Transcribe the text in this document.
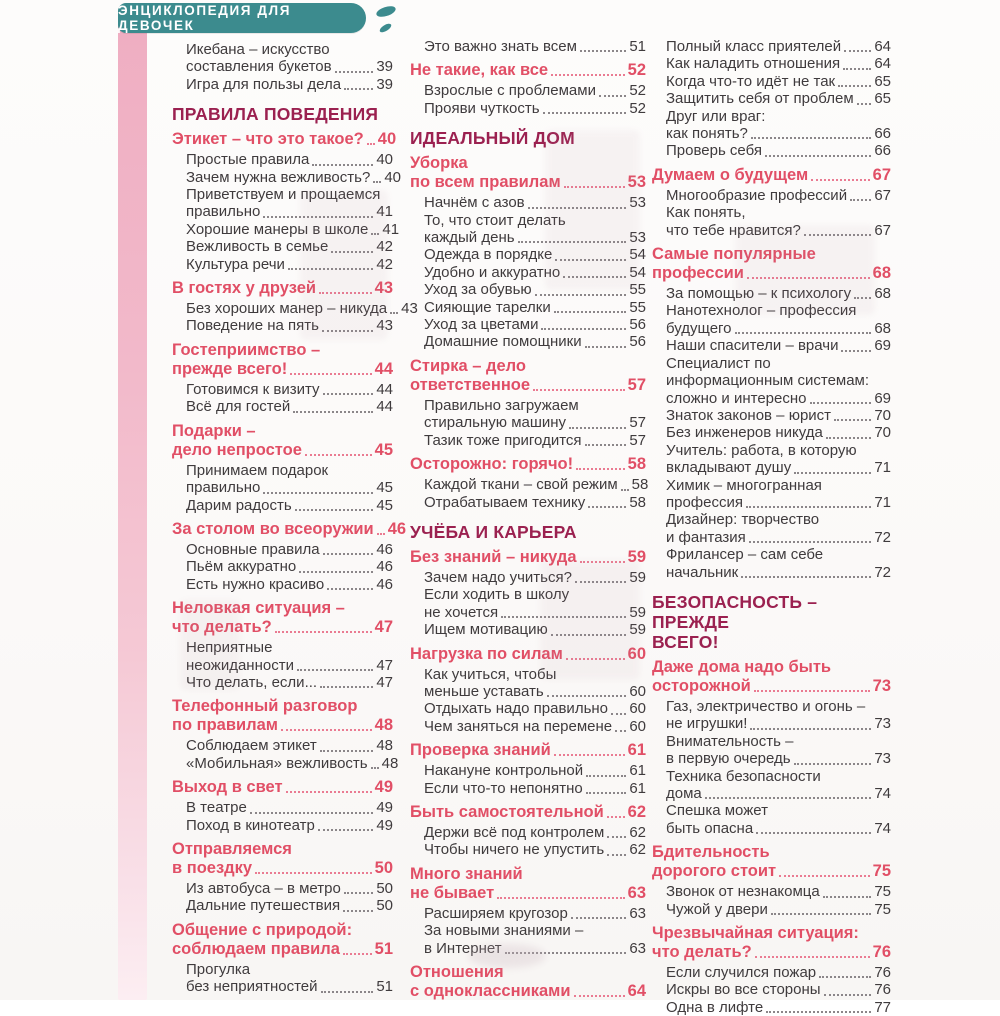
ЭНЦИКЛОПЕДИЯ ДЛЯ ДЕВОЧЕК
Икебана – искусство
составления букетов	39
Игра для пользы дела 39
ПРАВИЛА ПОВЕДЕНИЯ
Этикет – что это такое? 40
Простые правила	40
Зачем нужна вежливость? 40
Приветствуем и прощаемся
правильно	41
Хорошие манеры в школе 41
Вежливость в семье	42
Культура речи	42
В гостях у друзей	43
Без хороших манер – никуда 43
Поведение на пять	43
Гостеприимство –
прежде всего!	44
Готовимся к визиту	44
Всё для гостей	44
Подарки –
дело непростое	45
Принимаем подарок
правильно	45
Дарим радость	45
За столом во всеоружии 46
Основные правила	46
Пьём аккуратно	46
Есть нужно красиво	46
Неловкая ситуация –
что делать?	47
Неприятные
неожиданности	47
Что делать, если...	47
Телефонный разговор
по правилам	48
Соблюдаем этикет	48
«Мобильная» вежливость 48
Выход в свет	49
В театре	49
Поход в кинотеатр	49
Отправляемся
в поездку	50
Из автобуса – в метро 50
Дальние путешествия 50
Общение с природой:
соблюдаем правила 51
Прогулка
без неприятностей	51
Это важно знать всем	51
Не такие, как все	52
Взрослые с проблемами 52
Прояви чуткость	52
ИДЕАЛЬНЫЙ ДОМ
Уборка
по всем правилам	53
Начнём с азов	53
То, что стоит делать
каждый день	53
Одежда в порядке	54
Удобно и аккуратно	54
Уход за обувью	55
Сияющие тарелки	55
Уход за цветами	56
Домашние помощники	56
Стирка – дело
ответственное	57
Правильно загружаем
стиральную машину	57
Тазик тоже пригодится	57
Осторожно: горячо!	58
Каждой ткани – свой режим 58
Отрабатываем технику	58
УЧЁБА И КАРЬЕРА
Без знаний – никуда	59
Зачем надо учиться?	59
Если ходить в школу
не хочется	59
Ищем мотивацию	59
Нагрузка по силам	60
Как учиться, чтобы
меньше уставать	60
Отдыхать надо правильно 60
Чем заняться на перемене 60
Проверка знаний	61
Накануне контрольной	61
Если что-то непонятно	61
Быть самостоятельной 62
Держи всё под контролем 62
Чтобы ничего не упустить 62
Много знаний
не бывает	63
Расширяем кругозор	63
За новыми знаниями –
в Интернет	63
Отношения
с одноклассниками	64
Полный класс приятелей 64
Как наладить отношения 64
Когда что-то идёт не так	65
Защитить себя от проблем 65
Друг или враг:
как понять?	66
Проверь себя	66
Думаем о будущем	67
Многообразие профессий 67
Как понять,
что тебе нравится?	67
Самые популярные
профессии	68
За помощью – к психологу 68
Нанотехнолог – профессия
будущего	68
Наши спасители – врачи 69
Специалист по
информационным системам:
сложно и интересно	69
Знаток законов – юрист	70
Без инженеров никуда	70
Учитель: работа, в которую
вкладывают душу	71
Химик – многогранная
профессия	71
Дизайнер: творчество
и фантазия	72
Фрилансер – сам себе
начальник	72
БЕЗОПАСНОСТЬ – ПРЕЖДЕ
ВСЕГО!
Даже дома надо быть
осторожной	73
Газ, электричество и огонь –
не игрушки!	73
Внимательность –
в первую очередь	73
Техника безопасности
дома	74
Спешка может
быть опасна	74
Бдительность
дорогого стоит	75
Звонок от незнакомца	75
Чужой у двери	75
Чрезвычайная ситуация:
что делать?	76
Если случился пожар	76
Искры во все стороны	76
Одна в лифте	77
